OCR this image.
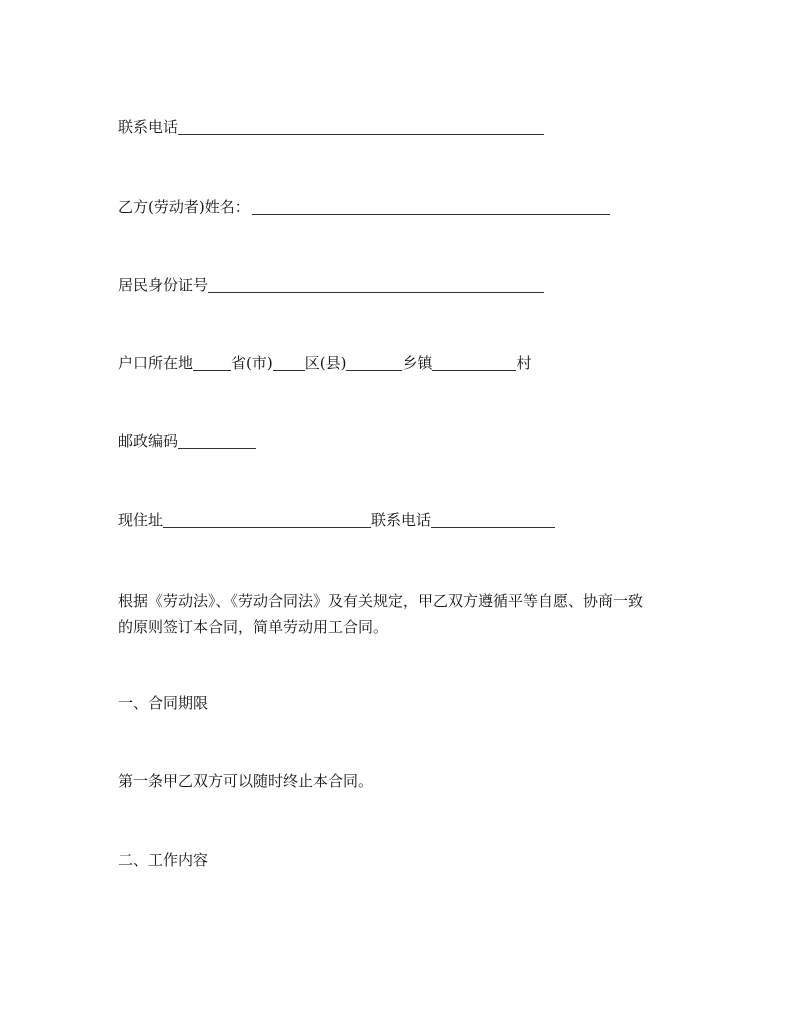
联系电话
乙方(劳动者)姓名：
居民身份证号
户口所在地	省(市) 区(县)	乡镇	村
邮政编码
现住址	联系电话

根据《劳动法》、《劳动合同法》及有关规定，甲乙双方遵循平等自愿、协商一致

的原则签订本合同，简单劳动用工合同。

一、合同期限

第一条甲乙双方可以随时终止本合同。

二、工作内容
